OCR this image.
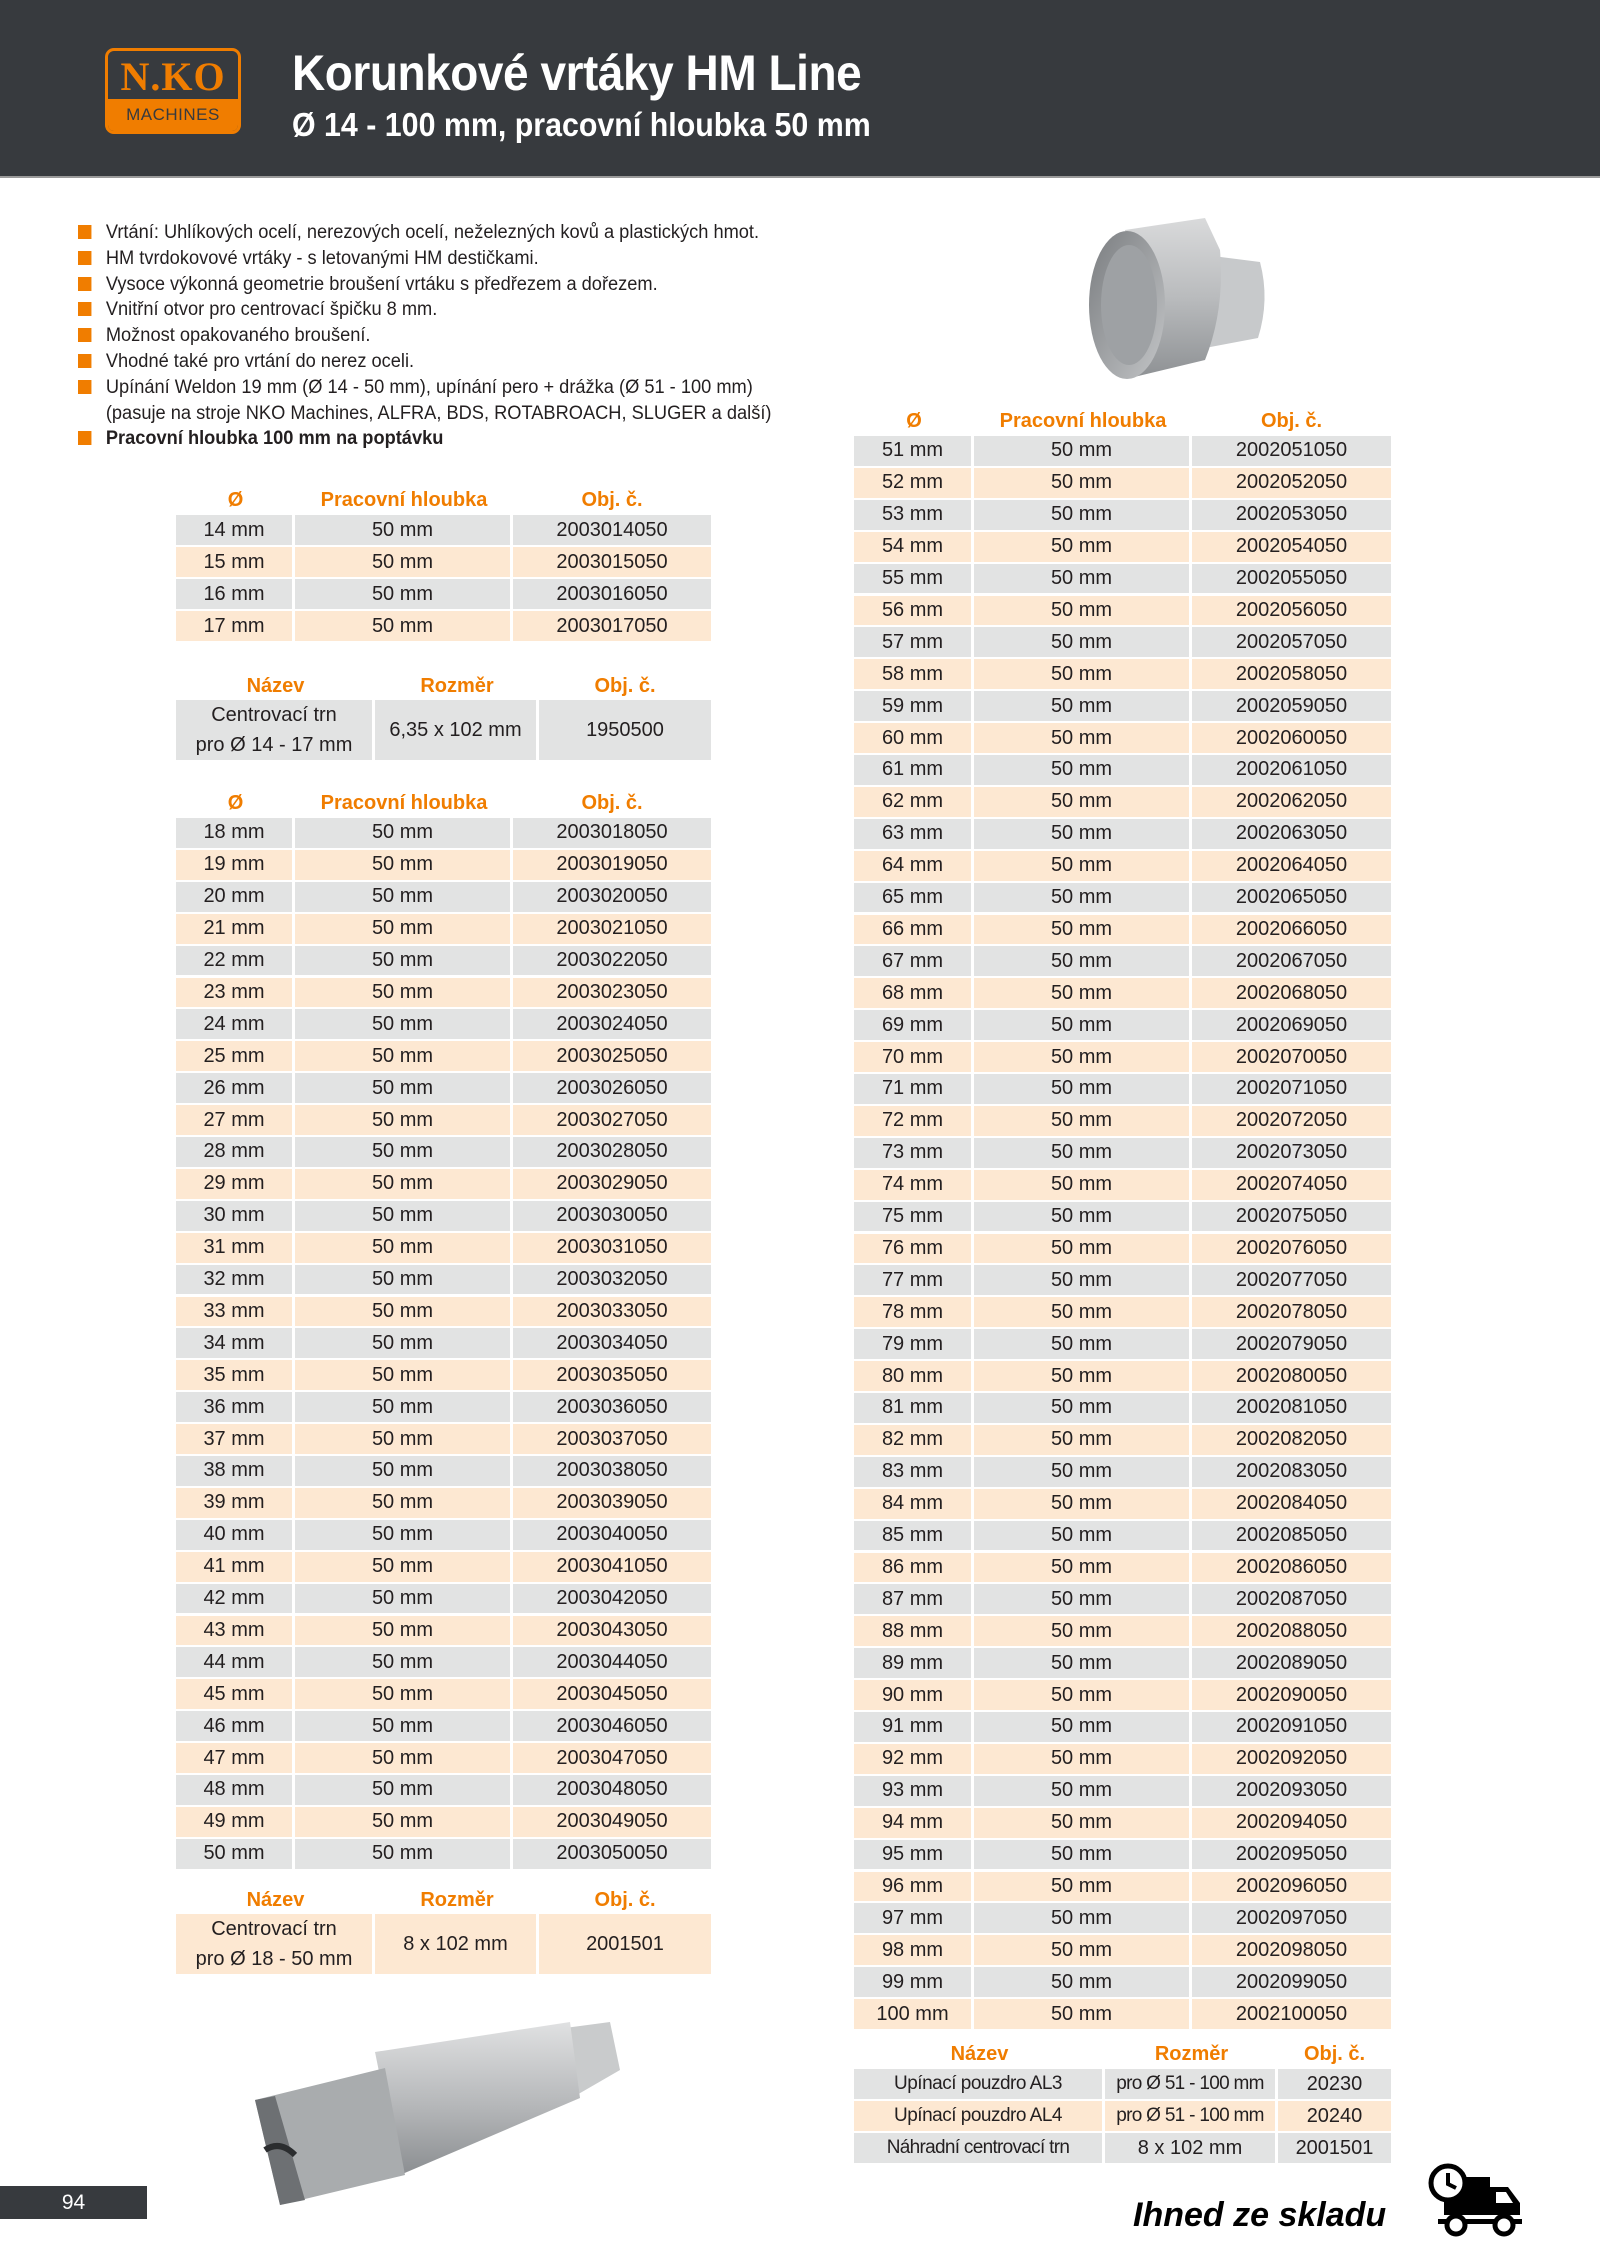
N.KO
MACHINES
Korunkové vrtáky HM Line
Ø 14 - 100 mm, pracovní hloubka 50 mm
Vrtání: Uhlíkových ocelí, nerezových ocelí, neželezných kovů a plastických hmot.
HM tvrdokovové vrtáky - s letovanými HM destičkami.
Vysoce výkonná geometrie broušení vrtáku s předřezem a dořezem.
Vnitřní otvor pro centrovací špičku 8 mm.
Možnost opakovaného broušení.
Vhodné také pro vrtání do nerez oceli.
Upínání Weldon 19 mm (Ø 14 - 50 mm), upínání pero + drážka (Ø 51 - 100 mm)
(pasuje na stroje NKO Machines, ALFRA, BDS, ROTABROACH, SLUGER a další)
Pracovní hloubka 100 mm na poptávku
Ø	Pracovní hloubka	Obj. č.
14 mm	50 mm	2003014050
15 mm	50 mm	2003015050
16 mm	50 mm	2003016050
17 mm	50 mm	2003017050
Název	Rozměr	Obj. č.
Centrovací trn
pro Ø 14 - 17 mm
6,35 x 102 mm	1950500
Ø	Pracovní hloubka	Obj. č.
18 mm	50 mm	2003018050
19 mm	50 mm	2003019050
20 mm	50 mm	2003020050
21 mm	50 mm	2003021050
22 mm	50 mm	2003022050
23 mm	50 mm	2003023050
24 mm	50 mm	2003024050
25 mm	50 mm	2003025050
26 mm	50 mm	2003026050
27 mm	50 mm	2003027050
28 mm	50 mm	2003028050
29 mm	50 mm	2003029050
30 mm	50 mm	2003030050
31 mm	50 mm	2003031050
32 mm	50 mm	2003032050
33 mm	50 mm	2003033050
34 mm	50 mm	2003034050
35 mm	50 mm	2003035050
36 mm	50 mm	2003036050
37 mm	50 mm	2003037050
38 mm	50 mm	2003038050
39 mm	50 mm	2003039050
40 mm	50 mm	2003040050
41 mm	50 mm	2003041050
42 mm	50 mm	2003042050
43 mm	50 mm	2003043050
44 mm	50 mm	2003044050
45 mm	50 mm	2003045050
46 mm	50 mm	2003046050
47 mm	50 mm	2003047050
48 mm	50 mm	2003048050
49 mm	50 mm	2003049050
50 mm	50 mm	2003050050
Název	Rozměr	Obj. č.
Centrovací trn
pro Ø 18 - 50 mm
8 x 102 mm	2001501
Ø	Pracovní hloubka	Obj. č.
51 mm	50 mm	2002051050
52 mm	50 mm	2002052050
53 mm	50 mm	2002053050
54 mm	50 mm	2002054050
55 mm	50 mm	2002055050
56 mm	50 mm	2002056050
57 mm	50 mm	2002057050
58 mm	50 mm	2002058050
59 mm	50 mm	2002059050
60 mm	50 mm	2002060050
61 mm	50 mm	2002061050
62 mm	50 mm	2002062050
63 mm	50 mm	2002063050
64 mm	50 mm	2002064050
65 mm	50 mm	2002065050
66 mm	50 mm	2002066050
67 mm	50 mm	2002067050
68 mm	50 mm	2002068050
69 mm	50 mm	2002069050
70 mm	50 mm	2002070050
71 mm	50 mm	2002071050
72 mm	50 mm	2002072050
73 mm	50 mm	2002073050
74 mm	50 mm	2002074050
75 mm	50 mm	2002075050
76 mm	50 mm	2002076050
77 mm	50 mm	2002077050
78 mm	50 mm	2002078050
79 mm	50 mm	2002079050
80 mm	50 mm	2002080050
81 mm	50 mm	2002081050
82 mm	50 mm	2002082050
83 mm	50 mm	2002083050
84 mm	50 mm	2002084050
85 mm	50 mm	2002085050
86 mm	50 mm	2002086050
87 mm	50 mm	2002087050
88 mm	50 mm	2002088050
89 mm	50 mm	2002089050
90 mm	50 mm	2002090050
91 mm	50 mm	2002091050
92 mm	50 mm	2002092050
93 mm	50 mm	2002093050
94 mm	50 mm	2002094050
95 mm	50 mm	2002095050
96 mm	50 mm	2002096050
97 mm	50 mm	2002097050
98 mm	50 mm	2002098050
99 mm	50 mm	2002099050
100 mm	50 mm	2002100050
Název	Rozměr	Obj. č.
Upínací pouzdro AL3	pro Ø 51 - 100 mm	20230
Upínací pouzdro AL4	pro Ø 51 - 100 mm	20240
Náhradní centrovací trn	8 x 102 mm	2001501
94	Ihned ze skladu
